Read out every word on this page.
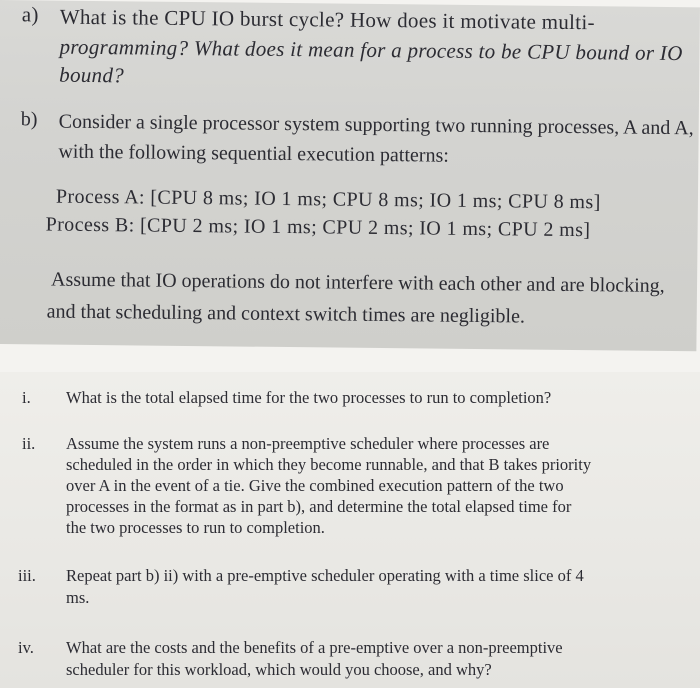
a) What is the CPU IO burst cycle? How does it motivate multi-
programming? What does it mean for a process to be CPU bound or IO
bound?
b) Consider a single processor system supporting two running processes, A and A,
with the following sequential execution patterns:
Process A: [CPU 8 ms; IO 1 ms; CPU 8 ms; IO 1 ms; CPU 8 ms]
Process B: [CPU 2 ms; IO 1 ms; CPU 2 ms; IO 1 ms; CPU 2 ms]
Assume that IO operations do not interfere with each other and are blocking,
and that scheduling and context switch times are negligible.
i. What is the total elapsed time for the two processes to run to completion?
ii. Assume the system runs a non-preemptive scheduler where processes are
scheduled in the order in which they become runnable, and that B takes priority
over A in the event of a tie. Give the combined execution pattern of the two
processes in the format as in part b), and determine the total elapsed time for
the two processes to run to completion.
iii. Repeat part b) ii) with a pre-emptive scheduler operating with a time slice of 4
ms.
iv. What are the costs and the benefits of a pre-emptive over a non-preemptive
scheduler for this workload, which would you choose, and why?
